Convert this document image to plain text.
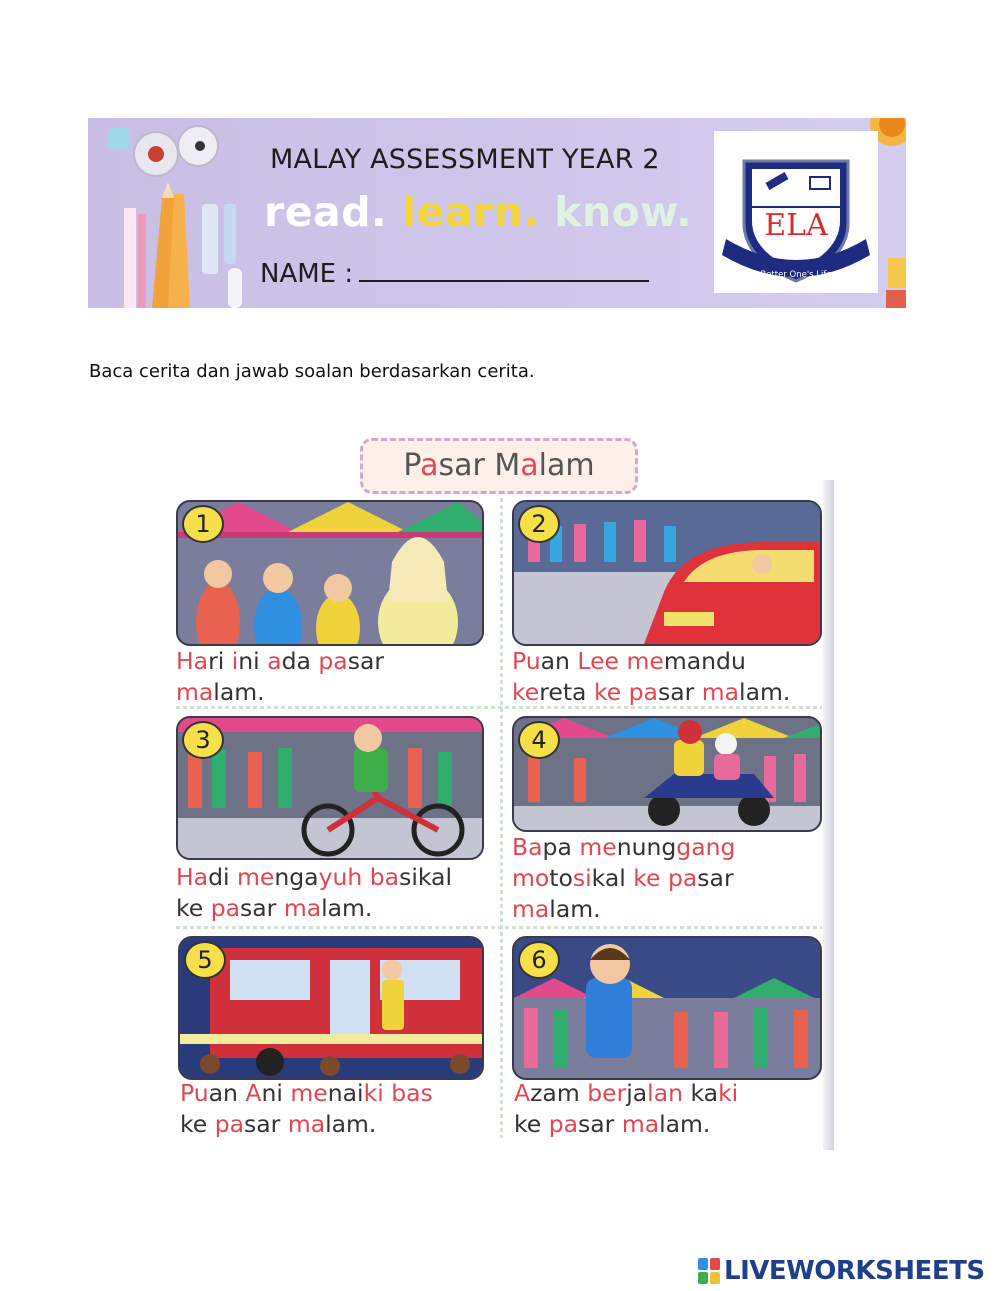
MALAY ASSESSMENT YEAR 2
read. learn. know.
NAME :
ELA
Better One's Life
Baca cerita dan jawab soalan berdasarkan cerita.
Pasar Malam
1
Hari ini ada pasar
malam.
2
Puan Lee memandu
kereta ke pasar malam.
3
Hadi mengayuh basikal
ke pasar malam.
4
Bapa menunggang
motosikal ke pasar
malam.
5
Puan Ani menaiki bas
ke pasar malam.
6
Azam berjalan kaki
ke pasar malam.
LIVEWORKSHEETS
